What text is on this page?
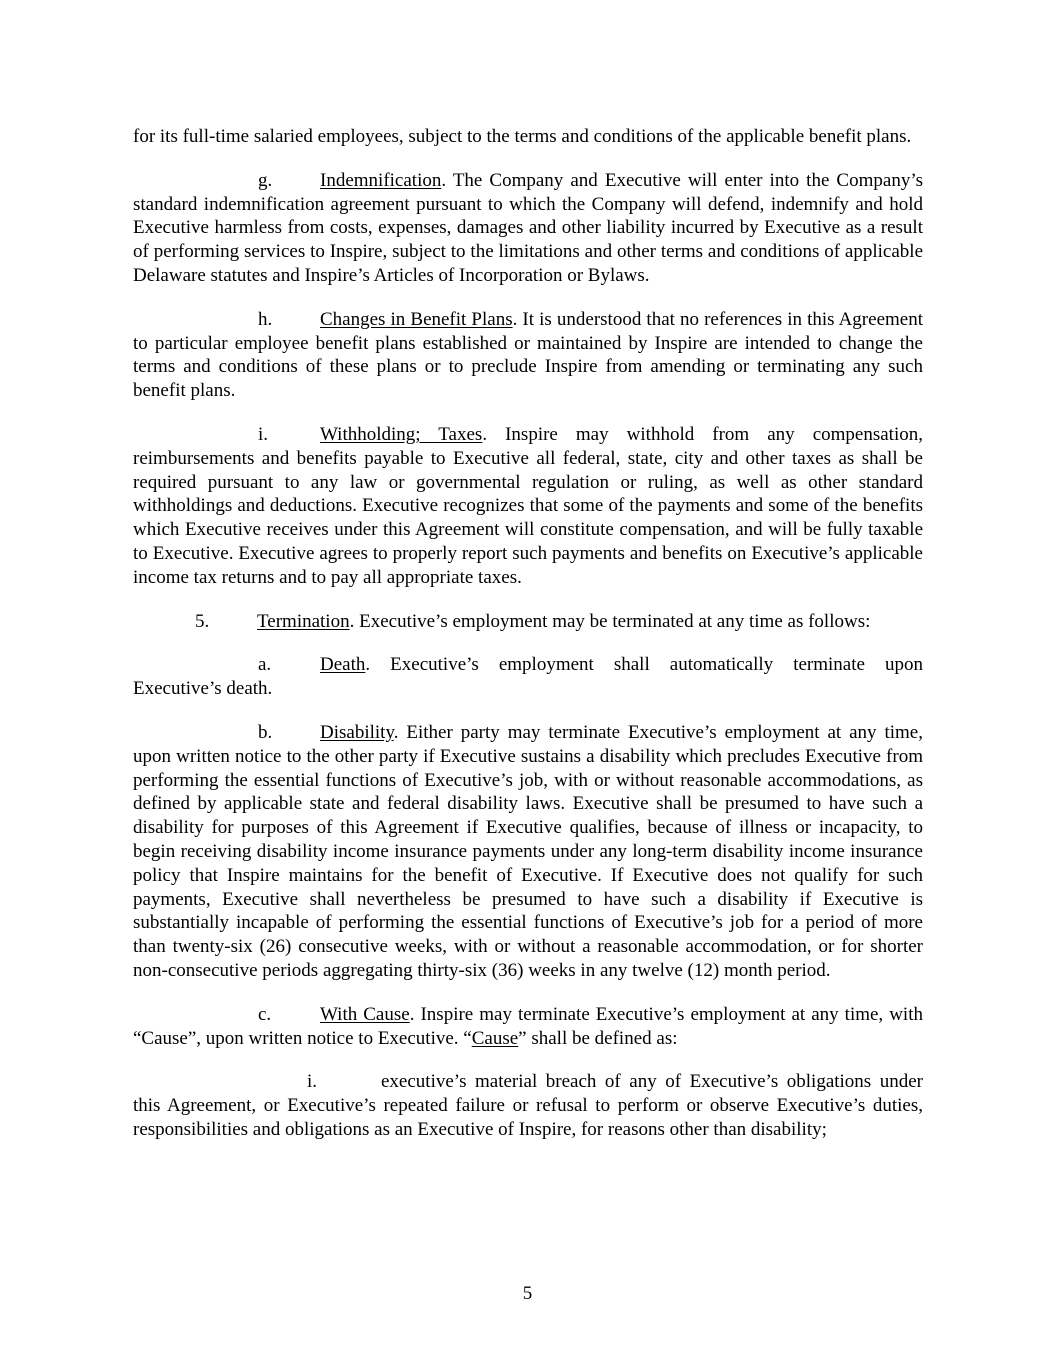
for its full-time salaried employees, subject to the terms and conditions of the applicable benefit plans.

g.	Indemnification. The Company and Executive will enter into the Company’s standard indemnification agreement pursuant to which the Company will defend, indemnify and hold Executive harmless from costs, expenses, damages and other liability incurred by Executive as a result of performing services to Inspire, subject to the limitations and other terms and conditions of applicable Delaware statutes and Inspire’s Articles of Incorporation or Bylaws.

h.	Changes in Benefit Plans. It is understood that no references in this Agreement to particular employee benefit plans established or maintained by Inspire are intended to change the terms and conditions of these plans or to preclude Inspire from amending or terminating any such benefit plans.

i.	Withholding; Taxes. Inspire may withhold from any compensation, reimbursements and benefits payable to Executive all federal, state, city and other taxes as shall be required pursuant to any law or governmental regulation or ruling, as well as other standard withholdings and deductions. Executive recognizes that some of the payments and some of the benefits which Executive receives under this Agreement will constitute compensation, and will be fully taxable to Executive. Executive agrees to properly report such payments and benefits on Executive’s applicable income tax returns and to pay all appropriate taxes.

5.	Termination. Executive’s employment may be terminated at any time as follows:

a.	Death. Executive’s employment shall automatically terminate upon Executive’s death.

b.	Disability. Either party may terminate Executive’s employment at any time, upon written notice to the other party if Executive sustains a disability which precludes Executive from performing the essential functions of Executive’s job, with or without reasonable accommodations, as defined by applicable state and federal disability laws. Executive shall be presumed to have such a disability for purposes of this Agreement if Executive qualifies, because of illness or incapacity, to begin receiving disability income insurance payments under any long-term disability income insurance policy that Inspire maintains for the benefit of Executive. If Executive does not qualify for such payments, Executive shall nevertheless be presumed to have such a disability if Executive is substantially incapable of performing the essential functions of Executive’s job for a period of more than twenty-six (26) consecutive weeks, with or without a reasonable accommodation, or for shorter non-consecutive periods aggregating thirty-six (36) weeks in any twelve (12) month period.

c.	With Cause. Inspire may terminate Executive’s employment at any time, with “Cause”, upon written notice to Executive. “Cause” shall be defined as:

i.	executive’s material breach of any of Executive’s obligations under this Agreement, or Executive’s repeated failure or refusal to perform or observe Executive’s duties, responsibilities and obligations as an Executive of Inspire, for reasons other than disability;

5
